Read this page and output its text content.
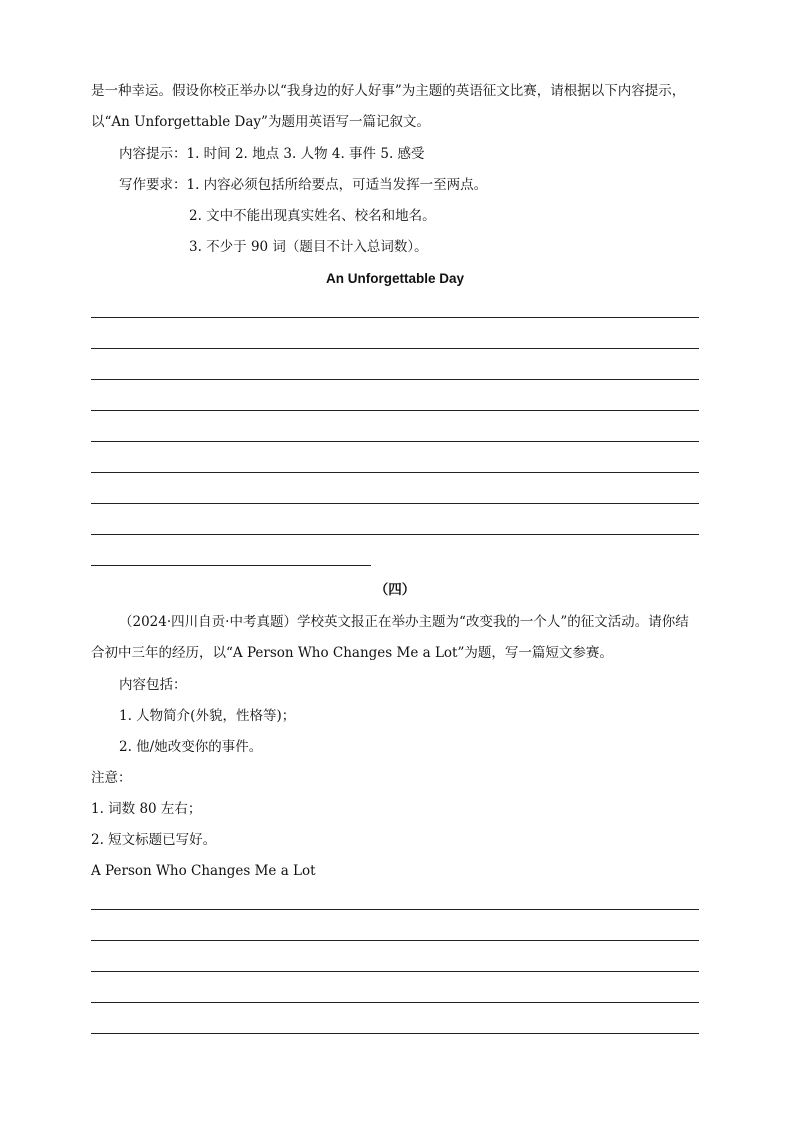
是一种幸运。假设你校正举办以“我身边的好人好事”为主题的英语征文比赛，请根据以下内容提示，
以“An Unforgettable Day”为题用英语写一篇记叙文。
内容提示：1. 时间 2. 地点 3. 人物 4. 事件 5. 感受
写作要求：1. 内容必须包括所给要点，可适当发挥一至两点。
2. 文中不能出现真实姓名、校名和地名。
3. 不少于 90 词（题目不计入总词数）。
An Unforgettable Day
（四）
（2024·四川自贡·中考真题）学校英文报正在举办主题为“改变我的一个人”的征文活动。请你结
合初中三年的经历，以“A Person Who Changes Me a Lot”为题，写一篇短文参赛。
内容包括：
1. 人物简介(外貌，性格等)；
2. 他/她改变你的事件。
注意：
1. 词数 80 左右；
2. 短文标题已写好。
A Person Who Changes Me a Lot
